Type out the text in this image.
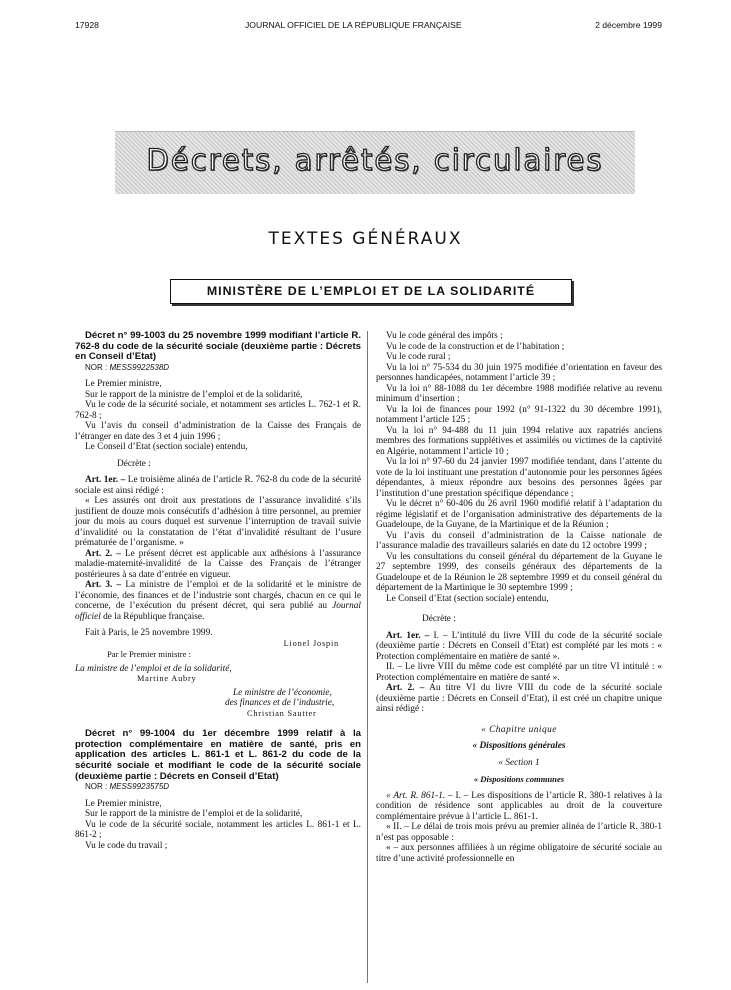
17928	JOURNAL OFFICIEL DE LA RÉPUBLIQUE FRANÇAISE	2 décembre 1999
Décrets, arrêtés, circulaires
TEXTES GÉNÉRAUX
MINISTÈRE DE L’EMPLOI ET DE LA SOLIDARITÉ

Décret n° 99-1003 du 25 novembre 1999 modifiant l’article R. 762-8 du code de la sécurité sociale (deuxième partie : Décrets en Conseil d’Etat)

NOR : MESS9922538D

Le Premier ministre,

Sur le rapport de la ministre de l’emploi et de la solidarité,

Vu le code de la sécurité sociale, et notamment ses articles L. 762-1 et R. 762-8 ;

Vu l’avis du conseil d’administration de la Caisse des Français de l’étranger en date des 3 et 4 juin 1996 ;

Le Conseil d’Etat (section sociale) entendu,

Décrète :

Art. 1er. – Le troisième alinéa de l’article R. 762-8 du code de la sécurité sociale est ainsi rédigé :

« Les assurés ont droit aux prestations de l’assurance invalidité s’ils justifient de douze mois consécutifs d’adhésion à titre personnel, au premier jour du mois au cours duquel est survenue l’interruption de travail suivie d’invalidité ou la constatation de l’état d’invalidité résultant de l’usure prématurée de l’organisme. »

Art. 2. – Le présent décret est applicable aux adhésions à l’assurance maladie-maternité-invalidité de la Caisse des Français de l’étranger postérieures à sa date d’entrée en vigueur.

Art. 3. – La ministre de l’emploi et de la solidarité et le ministre de l’économie, des finances et de l’industrie sont chargés, chacun en ce qui le concerne, de l’exécution du présent décret, qui sera publié au Journal officiel de la République française.

Fait à Paris, le 25 novembre 1999.

Lionel Jospin

Par le Premier ministre :

La ministre de l’emploi et de la solidarité,

Martine Aubry

Le ministre de l’économie,

des finances et de l’industrie,

Christian Sautter

Décret n° 99-1004 du 1er décembre 1999 relatif à la protection complémentaire en matière de santé, pris en application des articles L. 861-1 et L. 861-2 du code de la sécurité sociale et modifiant le code de la sécurité sociale (deuxième partie : Décrets en Conseil d’Etat)

NOR : MESS9923575D

Le Premier ministre,

Sur le rapport de la ministre de l’emploi et de la solidarité,

Vu le code de la sécurité sociale, notamment les articles L. 861-1 et L. 861-2 ;

Vu le code du travail ;

Vu le code général des impôts ;

Vu le code de la construction et de l’habitation ;

Vu le code rural ;

Vu la loi n° 75-534 du 30 juin 1975 modifiée d’orientation en faveur des personnes handicapées, notamment l’article 39 ;

Vu la loi n° 88-1088 du 1er décembre 1988 modifiée relative au revenu minimum d’insertion ;

Vu la loi de finances pour 1992 (n° 91-1322 du 30 décembre 1991), notamment l’article 125 ;

Vu la loi n° 94-488 du 11 juin 1994 relative aux rapatriés anciens membres des formations supplétives et assimilés ou victimes de la captivité en Algérie, notamment l’article 10 ;

Vu la loi n° 97-60 du 24 janvier 1997 modifiée tendant, dans l’attente du vote de la loi instituant une prestation d’autonomie pour les personnes âgées dépendantes, à mieux répondre aux besoins des personnes âgées par l’institution d’une prestation spécifique dépendance ;

Vu le décret n° 60-406 du 26 avril 1960 modifié relatif à l’adaptation du régime législatif et de l’organisation administrative des départements de la Guadeloupe, de la Guyane, de la Martinique et de la Réunion ;

Vu l’avis du conseil d’administration de la Caisse nationale de l’assurance maladie des travailleurs salariés en date du 12 octobre 1999 ;

Vu les consultations du conseil général du département de la Guyane le 27 septembre 1999, des conseils généraux des départements de la Guadeloupe et de la Réunion le 28 septembre 1999 et du conseil général du département de la Martinique le 30 septembre 1999 ;

Le Conseil d’Etat (section sociale) entendu,

Décrète :

Art. 1er. – I. – L’intitulé du livre VIII du code de la sécurité sociale (deuxième partie : Décrets en Conseil d’Etat) est complété par les mots : « Protection complémentaire en matière de santé ».

II. – Le livre VIII du même code est complété par un titre VI intitulé : « Protection complémentaire en matière de santé ».

Art. 2. – Au titre VI du livre VIII du code de la sécurité sociale (deuxième partie : Décrets en Conseil d’Etat), il est créé un chapitre unique ainsi rédigé :

« Chapitre unique

« Dispositions générales

« Section 1

« Dispositions communes

« Art. R. 861-1. – I. – Les dispositions de l’article R. 380-1 relatives à la condition de résidence sont applicables au droit de la couverture complémentaire prévue à l’article L. 861-1.

« II. – Le délai de trois mois prévu au premier alinéa de l’article R. 380-1 n’est pas opposable :

« – aux personnes affiliées à un régime obligatoire de sécurité sociale au titre d’une activité professionnelle en
